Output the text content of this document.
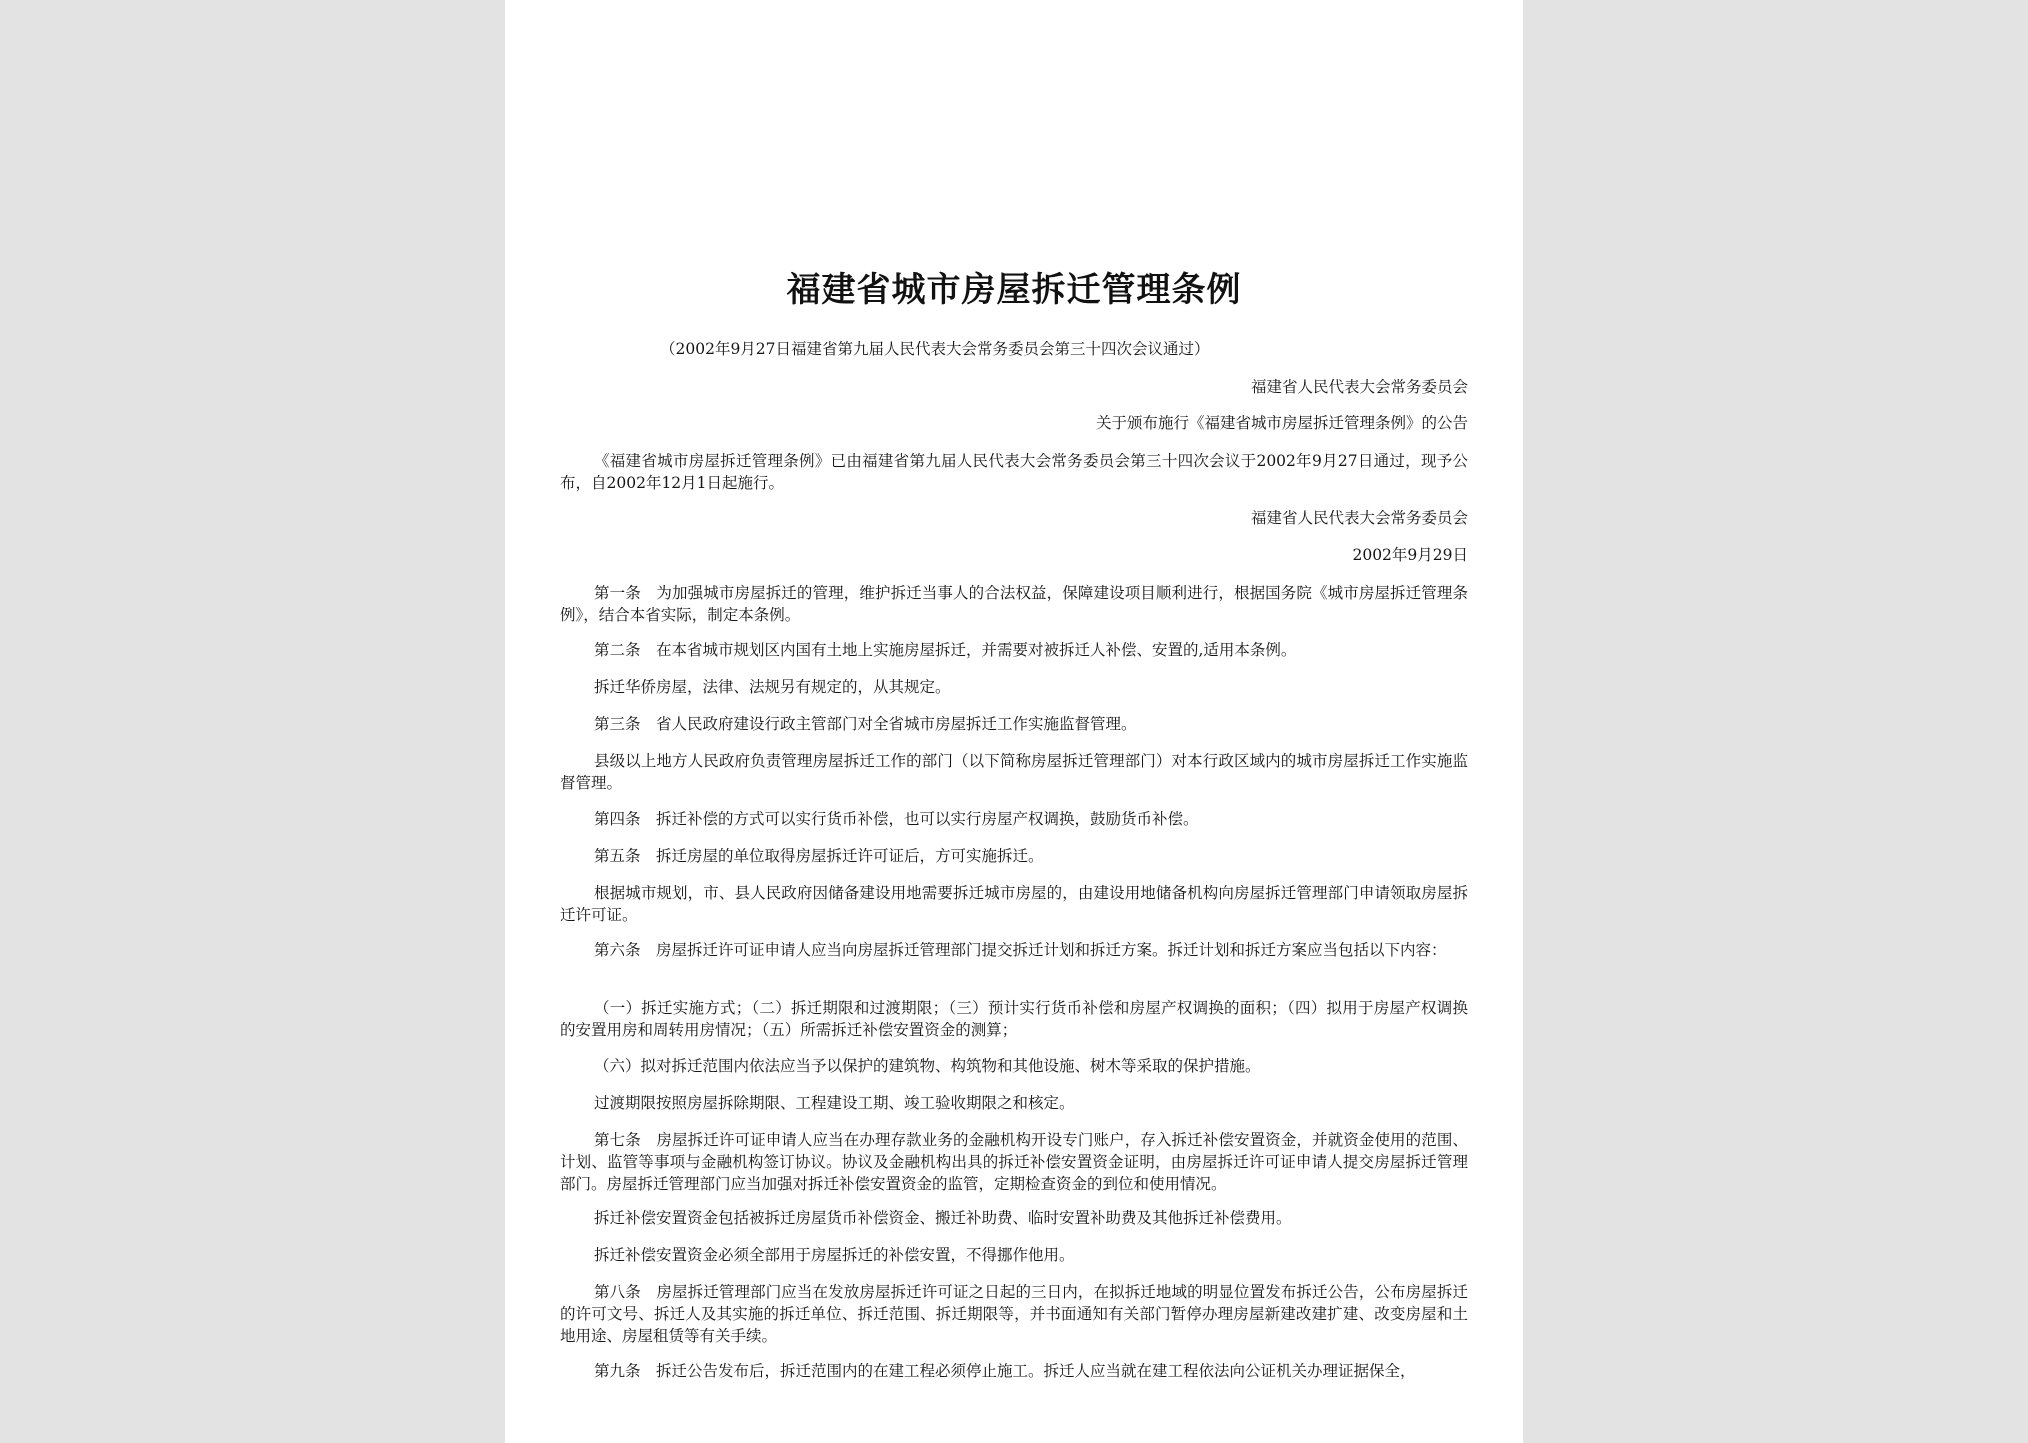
福建省城市房屋拆迁管理条例
（2002年9月27日福建省第九届人民代表大会常务委员会第三十四次会议通过）
福建省人民代表大会常务委员会
关于颁布施行《福建省城市房屋拆迁管理条例》的公告

《福建省城市房屋拆迁管理条例》已由福建省第九届人民代表大会常务委员会第三十四次会议于2002年9月27日通过，现予公布，自2002年12月1日起施行。

福建省人民代表大会常务委员会
2002年9月29日

第一条　为加强城市房屋拆迁的管理，维护拆迁当事人的合法权益，保障建设项目顺利进行，根据国务院《城市房屋拆迁管理条例》，结合本省实际，制定本条例。

第二条　在本省城市规划区内国有土地上实施房屋拆迁，并需要对被拆迁人补偿、安置的,适用本条例。

拆迁华侨房屋，法律、法规另有规定的，从其规定。

第三条　省人民政府建设行政主管部门对全省城市房屋拆迁工作实施监督管理。

县级以上地方人民政府负责管理房屋拆迁工作的部门（以下简称房屋拆迁管理部门）对本行政区域内的城市房屋拆迁工作实施监督管理。

第四条　拆迁补偿的方式可以实行货币补偿，也可以实行房屋产权调换，鼓励货币补偿。

第五条　拆迁房屋的单位取得房屋拆迁许可证后，方可实施拆迁。

根据城市规划，市、县人民政府因储备建设用地需要拆迁城市房屋的，由建设用地储备机构向房屋拆迁管理部门申请领取房屋拆迁许可证。

第六条　房屋拆迁许可证申请人应当向房屋拆迁管理部门提交拆迁计划和拆迁方案。拆迁计划和拆迁方案应当包括以下内容：

（一）拆迁实施方式；（二）拆迁期限和过渡期限；（三）预计实行货币补偿和房屋产权调换的面积；（四）拟用于房屋产权调换的安置用房和周转用房情况；（五）所需拆迁补偿安置资金的测算；

（六）拟对拆迁范围内依法应当予以保护的建筑物、构筑物和其他设施、树木等采取的保护措施。

过渡期限按照房屋拆除期限、工程建设工期、竣工验收期限之和核定。

第七条　房屋拆迁许可证申请人应当在办理存款业务的金融机构开设专门账户，存入拆迁补偿安置资金，并就资金使用的范围、计划、监管等事项与金融机构签订协议。协议及金融机构出具的拆迁补偿安置资金证明，由房屋拆迁许可证申请人提交房屋拆迁管理部门。房屋拆迁管理部门应当加强对拆迁补偿安置资金的监管，定期检查资金的到位和使用情况。

拆迁补偿安置资金包括被拆迁房屋货币补偿资金、搬迁补助费、临时安置补助费及其他拆迁补偿费用。

拆迁补偿安置资金必须全部用于房屋拆迁的补偿安置，不得挪作他用。

第八条　房屋拆迁管理部门应当在发放房屋拆迁许可证之日起的三日内，在拟拆迁地域的明显位置发布拆迁公告，公布房屋拆迁的许可文号、拆迁人及其实施的拆迁单位、拆迁范围、拆迁期限等，并书面通知有关部门暂停办理房屋新建改建扩建、改变房屋和土地用途、房屋租赁等有关手续。

第九条　拆迁公告发布后，拆迁范围内的在建工程必须停止施工。拆迁人应当就在建工程依法向公证机关办理证据保全，
